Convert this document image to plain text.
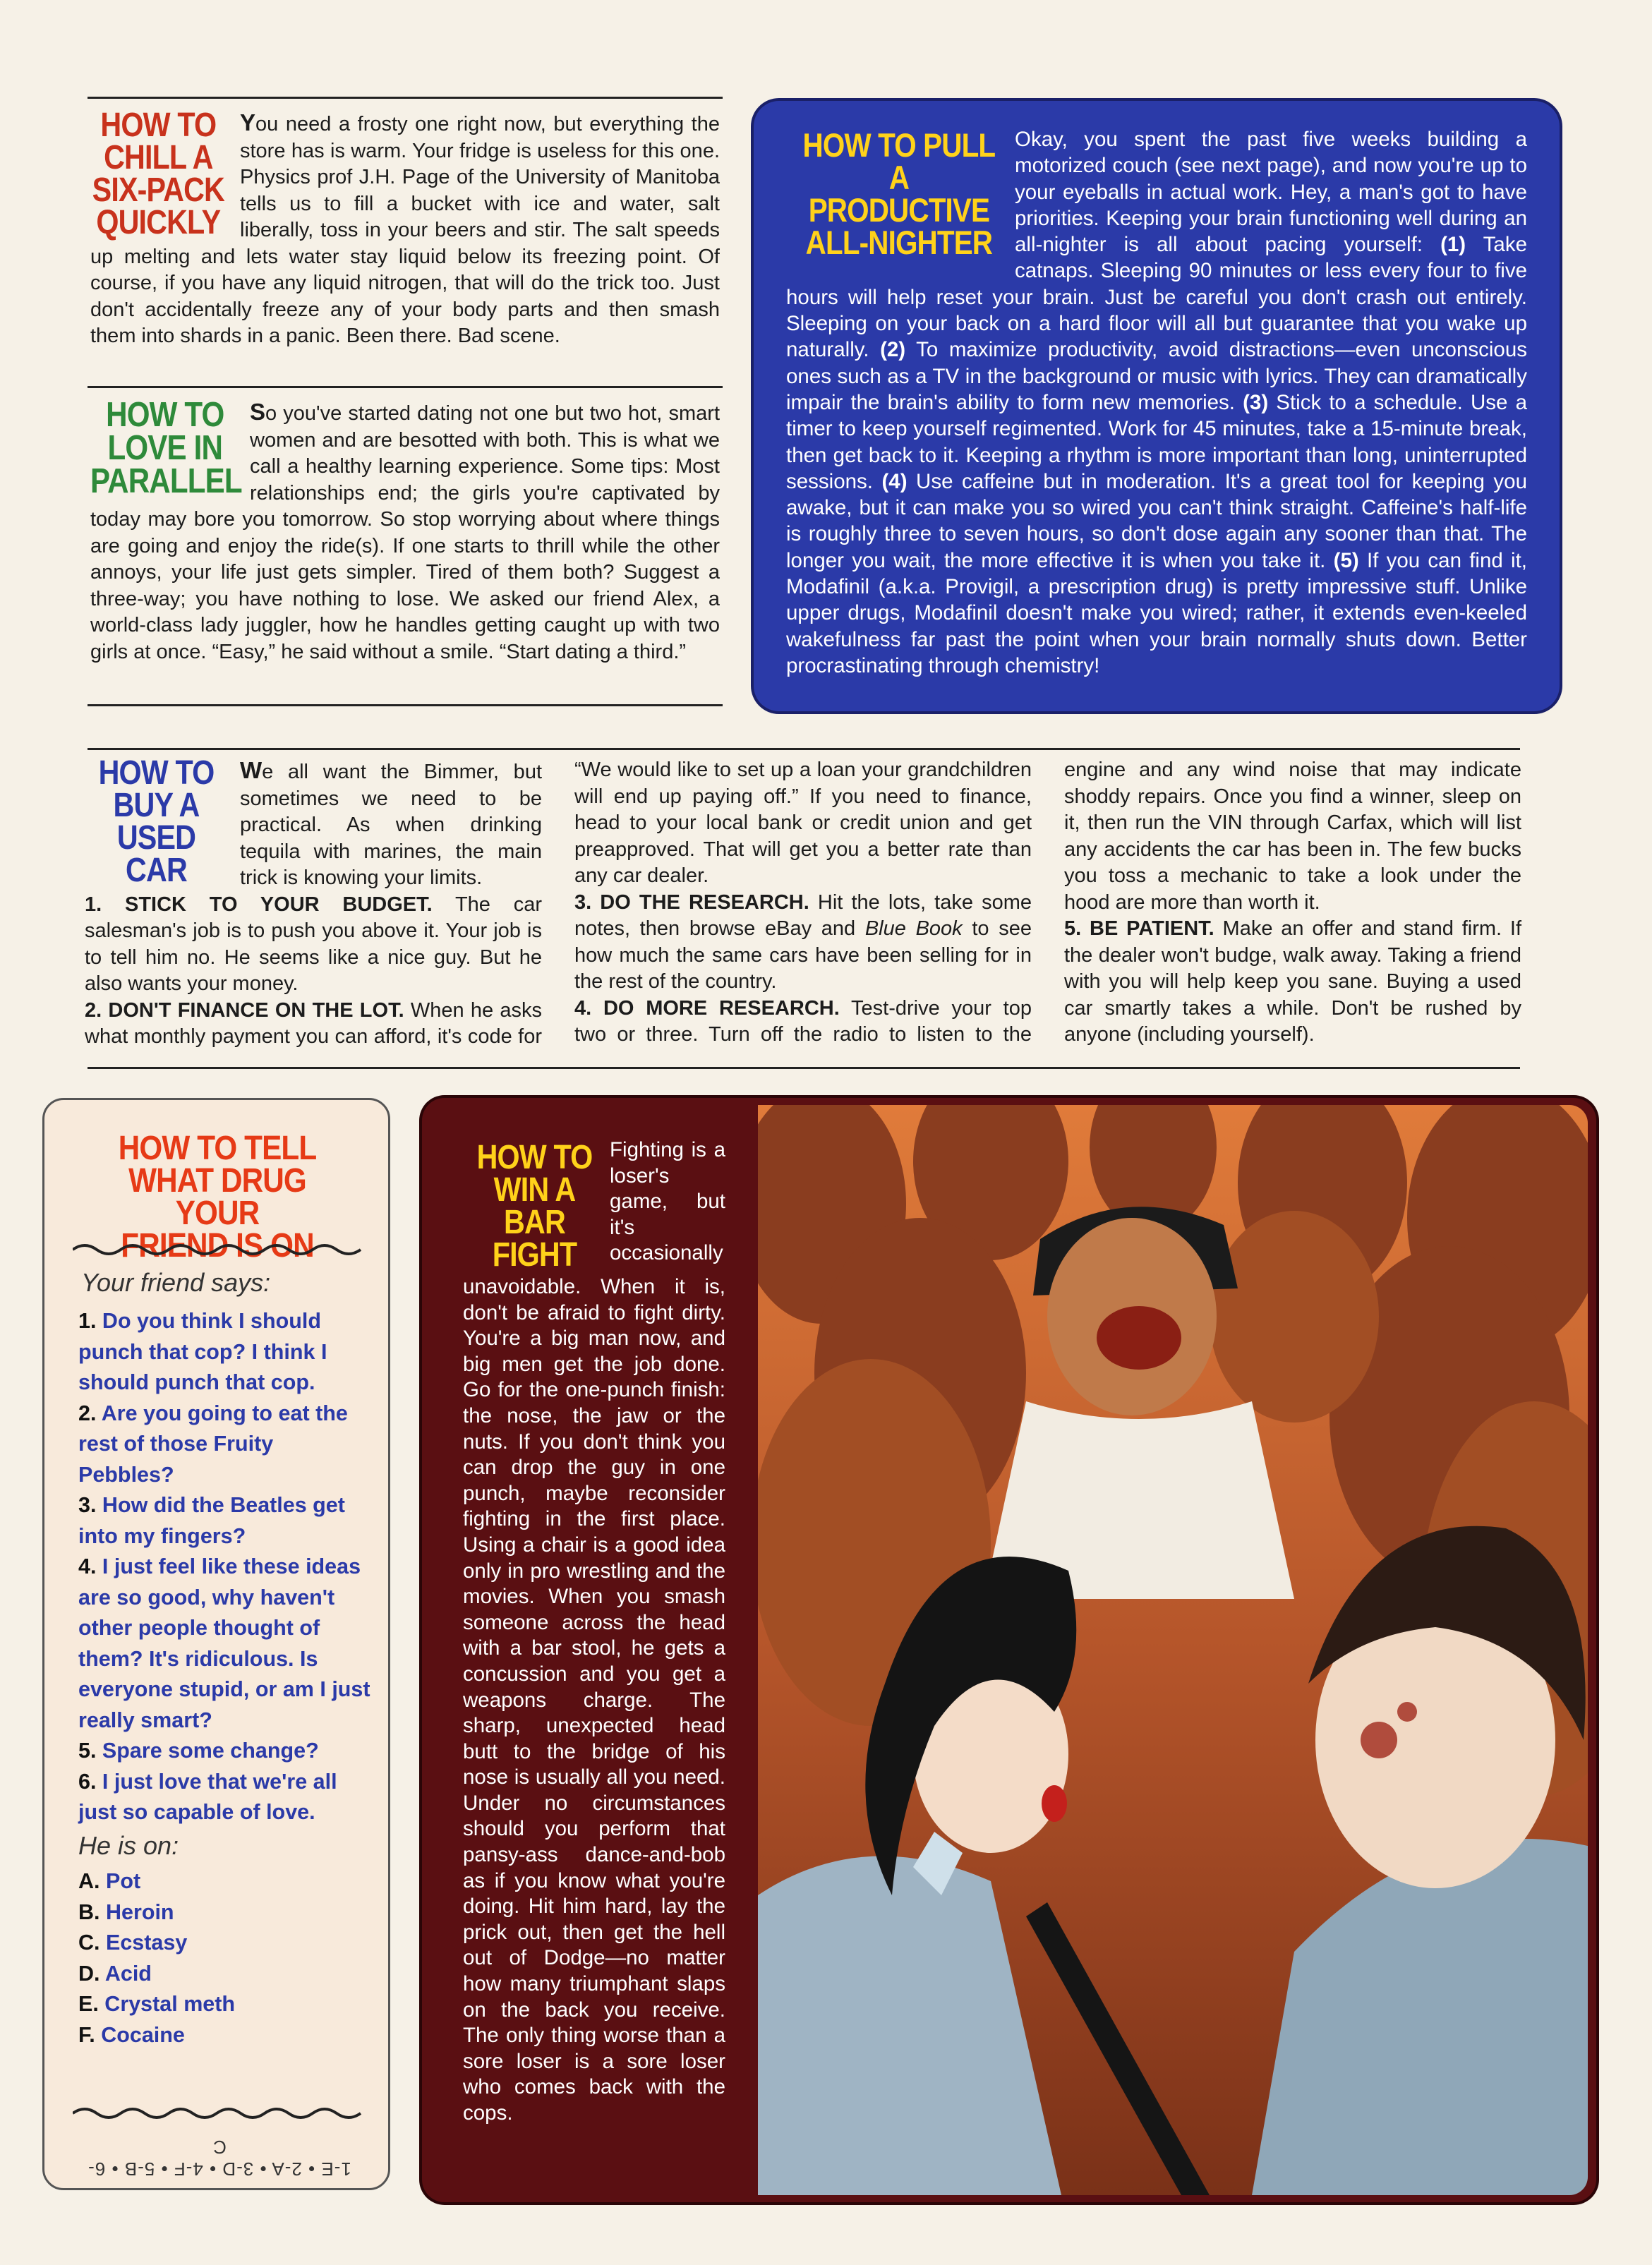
HOW TO
CHILL A
SIX-PACK
QUICKLY
You need a frosty one right now, but everything the store has is warm. Your fridge is useless for this one. Physics prof J.H. Page of the University of Manitoba tells us to fill a bucket with ice and water, salt liberally, toss in your beers and stir. The salt speeds up melting and lets water stay liquid below its freezing point. Of course, if you have any liquid nitrogen, that will do the trick too. Just don't accidentally freeze any of your body parts and then smash them into shards in a panic. Been there. Bad scene.
HOW TO
LOVE IN
PARALLEL
So you've started dating not one but two hot, smart women and are besotted with both. This is what we call a healthy learning experience. Some tips: Most relationships end; the girls you're captivated by today may bore you tomorrow. So stop worrying about where things are going and enjoy the ride(s). If one starts to thrill while the other annoys, your life just gets simpler. Tired of them both? Suggest a three-way; you have nothing to lose. We asked our friend Alex, a world-class lady juggler, how he handles getting caught up with two girls at once. “Easy,” he said without a smile. “Start dating a third.”
HOW TO PULL
A PRODUCTIVE
ALL-NIGHTER
Okay, you spent the past five weeks building a motorized couch (see next page), and now you're up to your eyeballs in actual work. Hey, a man's got to have priorities. Keeping your brain functioning well during an all-nighter is all about pacing yourself: (1) Take catnaps. Sleeping 90 minutes or less every four to five hours will help reset your brain. Just be careful you don't crash out entirely. Sleeping on your back on a hard floor will all but guarantee that you wake up naturally. (2) To maximize productivity, avoid distractions—even unconscious ones such as a TV in the background or music with lyrics. They can dramatically impair the brain's ability to form new memories. (3) Stick to a schedule. Use a timer to keep yourself regimented. Work for 45 minutes, take a 15-minute break, then get back to it. Keeping a rhythm is more important than long, uninterrupted sessions. (4) Use caffeine but in moderation. It's a great tool for keeping you awake, but it can make you so wired you can't think straight. Caffeine's half-life is roughly three to seven hours, so don't dose again any sooner than that. The longer you wait, the more effective it is when you take it. (5) If you can find it, Modafinil (a.k.a. Provigil, a prescription drug) is pretty impressive stuff. Unlike upper drugs, Modafinil doesn't make you wired; rather, it extends even-keeled wakefulness far past the point when your brain normally shuts down. Better procrastinating through chemistry!
HOW TO
BUY A
USED CAR
We all want the Bimmer, but sometimes we need to be practical. As when drinking tequila with marines, the main trick is knowing your limits.
1. STICK TO YOUR BUDGET. The car salesman's job is to push you above it. Your job is to tell him no. He seems like a nice guy. But he also wants your money.
2. DON'T FINANCE ON THE LOT. When he asks what monthly payment you can afford, it's code for “We would like to set up a loan your grandchildren will end up paying off.” If you need to finance, head to your local bank or credit union and get preapproved. That will get you a better rate than any car dealer.
3. DO THE RESEARCH. Hit the lots, take some notes, then browse eBay and Blue Book to see how much the same cars have been selling for in the rest of the country.
4. DO MORE RESEARCH. Test-drive your top two or three. Turn off the radio to listen to the engine and any wind noise that may indicate shoddy repairs. Once you find a winner, sleep on it, then run the VIN through Carfax, which will list any accidents the car has been in. The few bucks you toss a mechanic to take a look under the hood are more than worth it.
5. BE PATIENT. Make an offer and stand firm. If the dealer won't budge, walk away. Taking a friend with you will help keep you sane. Buying a used car smartly takes a while. Don't be rushed by anyone (including yourself).
HOW TO TELL
WHAT DRUG YOUR
FRIEND IS ON
Your friend says:
1. Do you think I should punch that cop? I think I should punch that cop.
2. Are you going to eat the rest of those Fruity Pebbles?
3. How did the Beatles get into my fingers?
4. I just feel like these ideas are so good, why haven't other people thought of them? It's ridiculous. Is everyone stupid, or am I just really smart?
5. Spare some change?
6. I just love that we're all just so capable of love.
He is on:
A. Pot
B. Heroin
C. Ecstasy
D. Acid
E. Crystal meth
F. Cocaine
1-E • 2-A • 3-D • 4-F • 5-B • 6-C
HOW TO
WIN A
BAR FIGHT
Fighting is a loser's game, but it's occasionally unavoidable. When it is, don't be afraid to fight dirty. You're a big man now, and big men get the job done. Go for the one-punch finish: the nose, the jaw or the nuts. If you don't think you can drop the guy in one punch, maybe reconsider fighting in the first place. Using a chair is a good idea only in pro wrestling and the movies. When you smash someone across the head with a bar stool, he gets a concussion and you get a weapons charge. The sharp, unexpected head butt to the bridge of his nose is usually all you need. Under no circumstances should you perform that pansy-ass dance-and-bob as if you know what you're doing. Hit him hard, lay the prick out, then get the hell out of Dodge—no matter how many triumphant slaps on the back you receive. The only thing worse than a sore loser is a sore loser who comes back with the cops.
